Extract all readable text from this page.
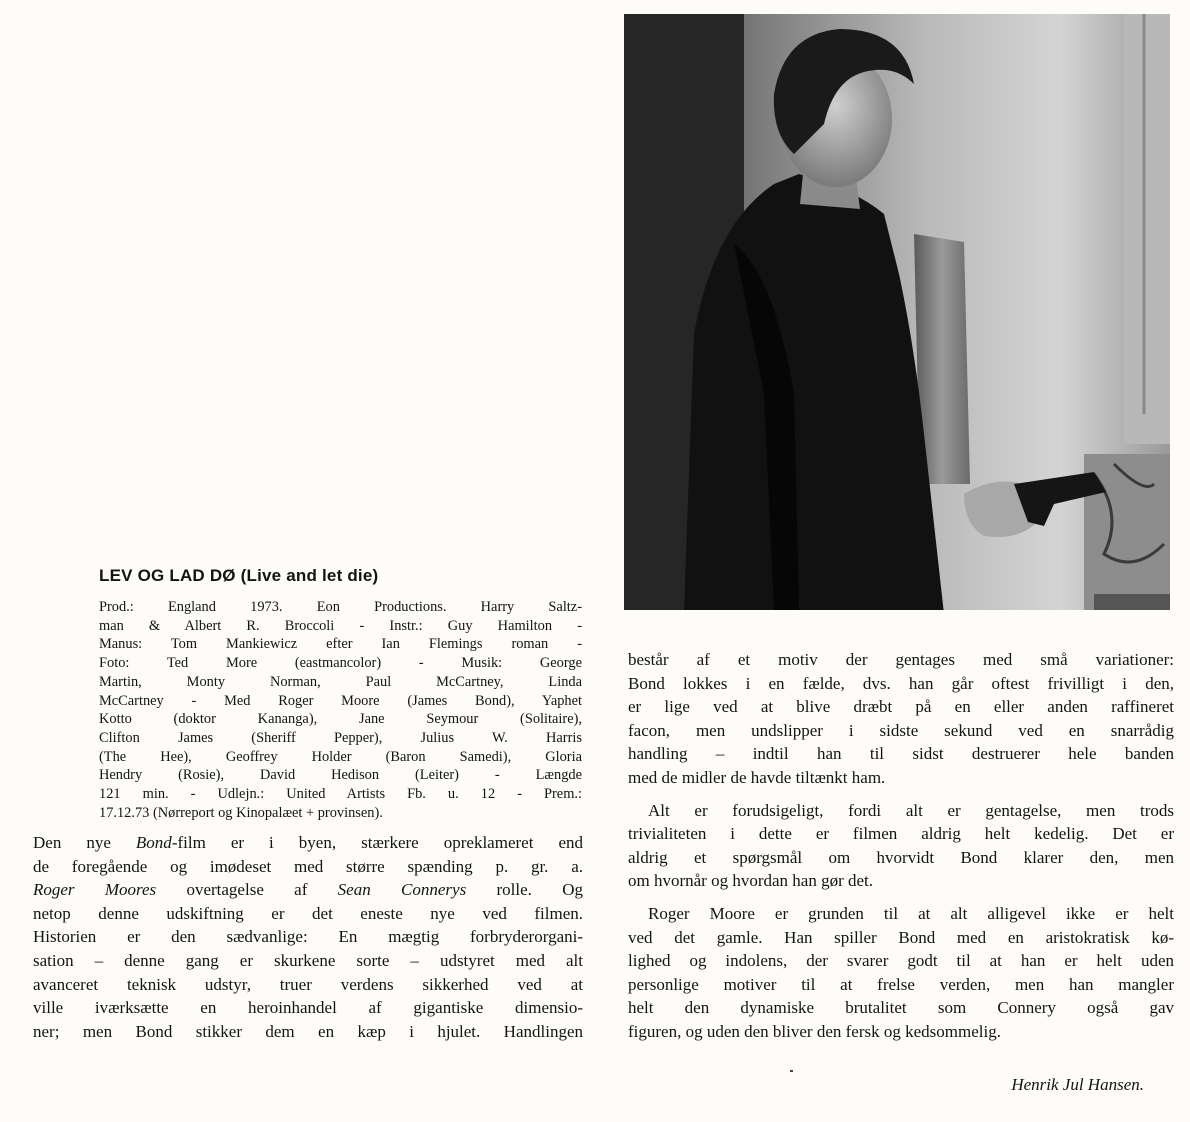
LEV OG LAD DØ (Live and let die)
Prod.: England 1973. Eon Productions. Harry Saltz-
man & Albert R. Broccoli - Instr.: Guy Hamilton -
Manus: Tom Mankiewicz efter Ian Flemings roman -
Foto: Ted More (eastmancolor) - Musik: George
Martin, Monty Norman, Paul McCartney, Linda
McCartney - Med Roger Moore (James Bond), Yaphet
Kotto (doktor Kananga), Jane Seymour (Solitaire),
Clifton James (Sheriff Pepper), Julius W. Harris
(The Hee), Geoffrey Holder (Baron Samedi), Gloria
Hendry (Rosie), David Hedison (Leiter) - Længde
121 min. - Udlejn.: United Artists Fb. u. 12 - Prem.:
17.12.73 (Nørreport og Kinopalæet + provinsen).
Den nye Bond-film er i byen, stærkere opreklameret end
de foregående og imødeset med større spænding p. gr. a.
Roger Moores overtagelse af Sean Connerys rolle. Og
netop denne udskiftning er det eneste nye ved filmen.
Historien er den sædvanlige: En mægtig forbryderorgani-
sation – denne gang er skurkene sorte – udstyret med alt
avanceret teknisk udstyr, truer verdens sikkerhed ved at
ville iværksætte en heroinhandel af gigantiske dimensio-
ner; men Bond stikker dem en kæp i hjulet. Handlingen
består af et motiv der gentages med små variationer:
Bond lokkes i en fælde, dvs. han går oftest frivilligt i den,
er lige ved at blive dræbt på en eller anden raffineret
facon, men undslipper i sidste sekund ved en snarrådig
handling – indtil han til sidst destruerer hele banden
med de midler de havde tiltænkt ham.
Alt er forudsigeligt, fordi alt er gentagelse, men trods
trivialiteten i dette er filmen aldrig helt kedelig. Det er
aldrig et spørgsmål om hvorvidt Bond klarer den, men
om hvornår og hvordan han gør det.
Roger Moore er grunden til at alt alligevel ikke er helt
ved det gamle. Han spiller Bond med en aristokratisk kø-
lighed og indolens, der svarer godt til at han er helt uden
personlige motiver til at frelse verden, men han mangler
helt den dynamiske brutalitet som Connery også gav
figuren, og uden den bliver den fersk og kedsommelig.
Henrik Jul Hansen.
